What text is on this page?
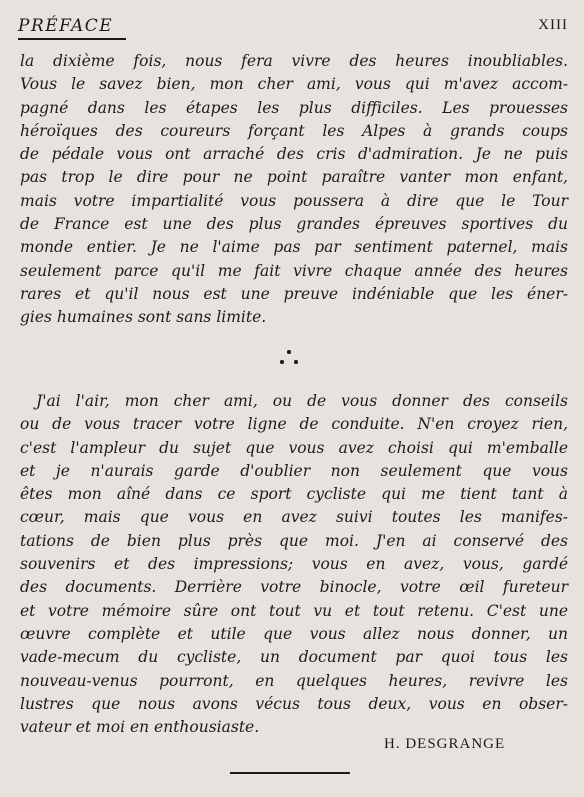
PRÉFACE	XIII
la dixième fois, nous fera vivre des heures inoubliables.
Vous le savez bien, mon cher ami, vous qui m'avez accom-
pagné dans les étapes les plus difficiles. Les prouesses
héroïques des coureurs forçant les Alpes à grands coups
de pédale vous ont arraché des cris d'admiration. Je ne puis
pas trop le dire pour ne point paraître vanter mon enfant,
mais votre impartialité vous poussera à dire que le Tour
de France est une des plus grandes épreuves sportives du
monde entier. Je ne l'aime pas par sentiment paternel, mais
seulement parce qu'il me fait vivre chaque année des heures
rares et qu'il nous est une preuve indéniable que les éner-
gies humaines sont sans limite.
J'ai l'air, mon cher ami, ou de vous donner des conseils
ou de vous tracer votre ligne de conduite. N'en croyez rien,
c'est l'ampleur du sujet que vous avez choisi qui m'emballe
et je n'aurais garde d'oublier non seulement que vous
êtes mon aîné dans ce sport cycliste qui me tient tant à
cœur, mais que vous en avez suivi toutes les manifes-
tations de bien plus près que moi. J'en ai conservé des
souvenirs et des impressions; vous en avez, vous, gardé
des documents. Derrière votre binocle, votre œil fureteur
et votre mémoire sûre ont tout vu et tout retenu. C'est une
œuvre complète et utile que vous allez nous donner, un
vade-mecum du cycliste, un document par quoi tous les
nouveau-venus pourront, en quelques heures, revivre les
lustres que nous avons vécus tous deux, vous en obser-
vateur et moi en enthousiaste.
H. DESGRANGE
